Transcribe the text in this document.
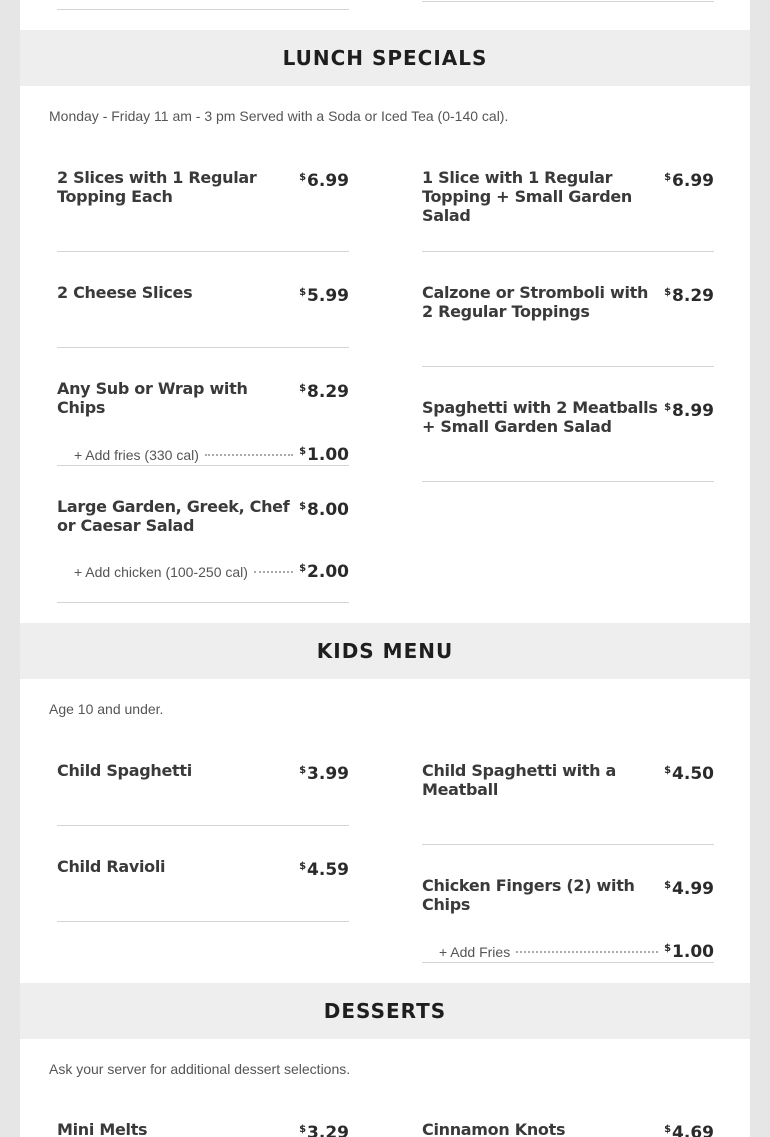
LUNCH SPECIALS
Monday - Friday 11 am - 3 pm Served with a Soda or Iced Tea (0-140 cal).
2 Slices with 1 Regular Topping Each
$6.99
2 Cheese Slices	$5.99
Any Sub or Wrap with Chips
$8.29
+ Add fries (330 cal)	$1.00
Large Garden, Greek, Chef or Caesar Salad
$8.00
+ Add chicken (100-250 cal)	$2.00
1 Slice with 1 Regular Topping + Small Garden Salad
$6.99
Calzone or Stromboli with 2 Regular Toppings
$8.29
Spaghetti with 2 Meatballs + Small Garden Salad
$8.99
KIDS MENU
Age 10 and under.
Child Spaghetti	$3.99
Child Ravioli	$4.59
Child Spaghetti with a Meatball
$4.50
Chicken Fingers (2) with Chips
$4.99
+ Add Fries	$1.00
DESSERTS
Ask your server for additional dessert selections.
Mini Melts	$3.29	Cinnamon Knots	$4.69
